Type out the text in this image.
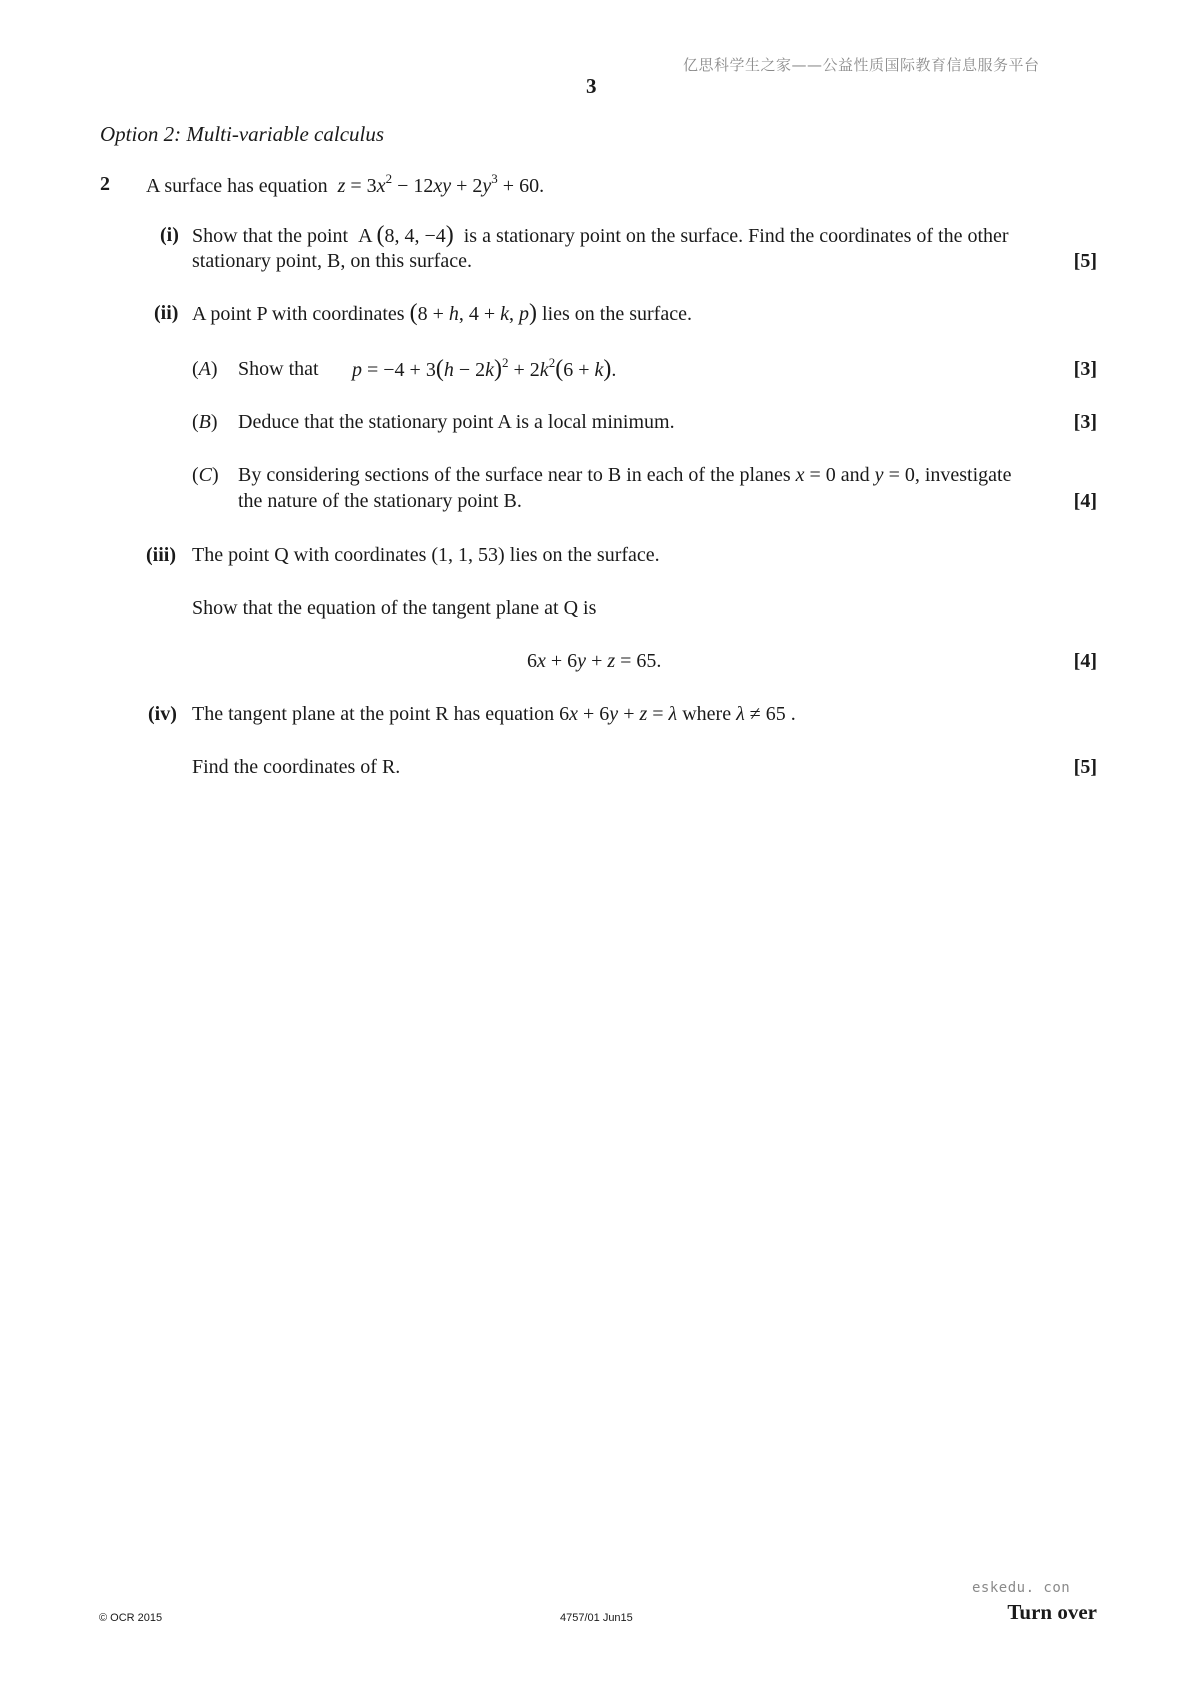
亿思科学生之家——公益性质国际教育信息服务平台
3
Option 2: Multi-variable calculus
2 A surface has equation $z = 3x^2 - 12xy + 2y^3 + 60$.
(i) Show that the point A (8, 4, −4) is a stationary point on the surface. Find the coordinates of the other
stationary point, B, on this surface.	[5]
(ii) A point P with coordinates (8 + h, 4 + k, p) lies on the surface.
(A) Show that $p = -4 + 3(h - 2k)^2 + 2k^2(6 + k)$.	[3]
(B) Deduce that the stationary point A is a local minimum.	[3]
(C) By considering sections of the surface near to B in each of the planes x = 0 and y = 0, investigate
the nature of the stationary point B.	[4]
(iii) The point Q with coordinates (1, 1, 53) lies on the surface.
Show that the equation of the tangent plane at Q is
6x + 6y + z = 65.	[4]
(iv) The tangent plane at the point R has equation 6x + 6y + z = λ where λ ≠ 65 .
Find the coordinates of R.	[5]
eskedu. con
© OCR 2015	4757/01 Jun15	Turn over
